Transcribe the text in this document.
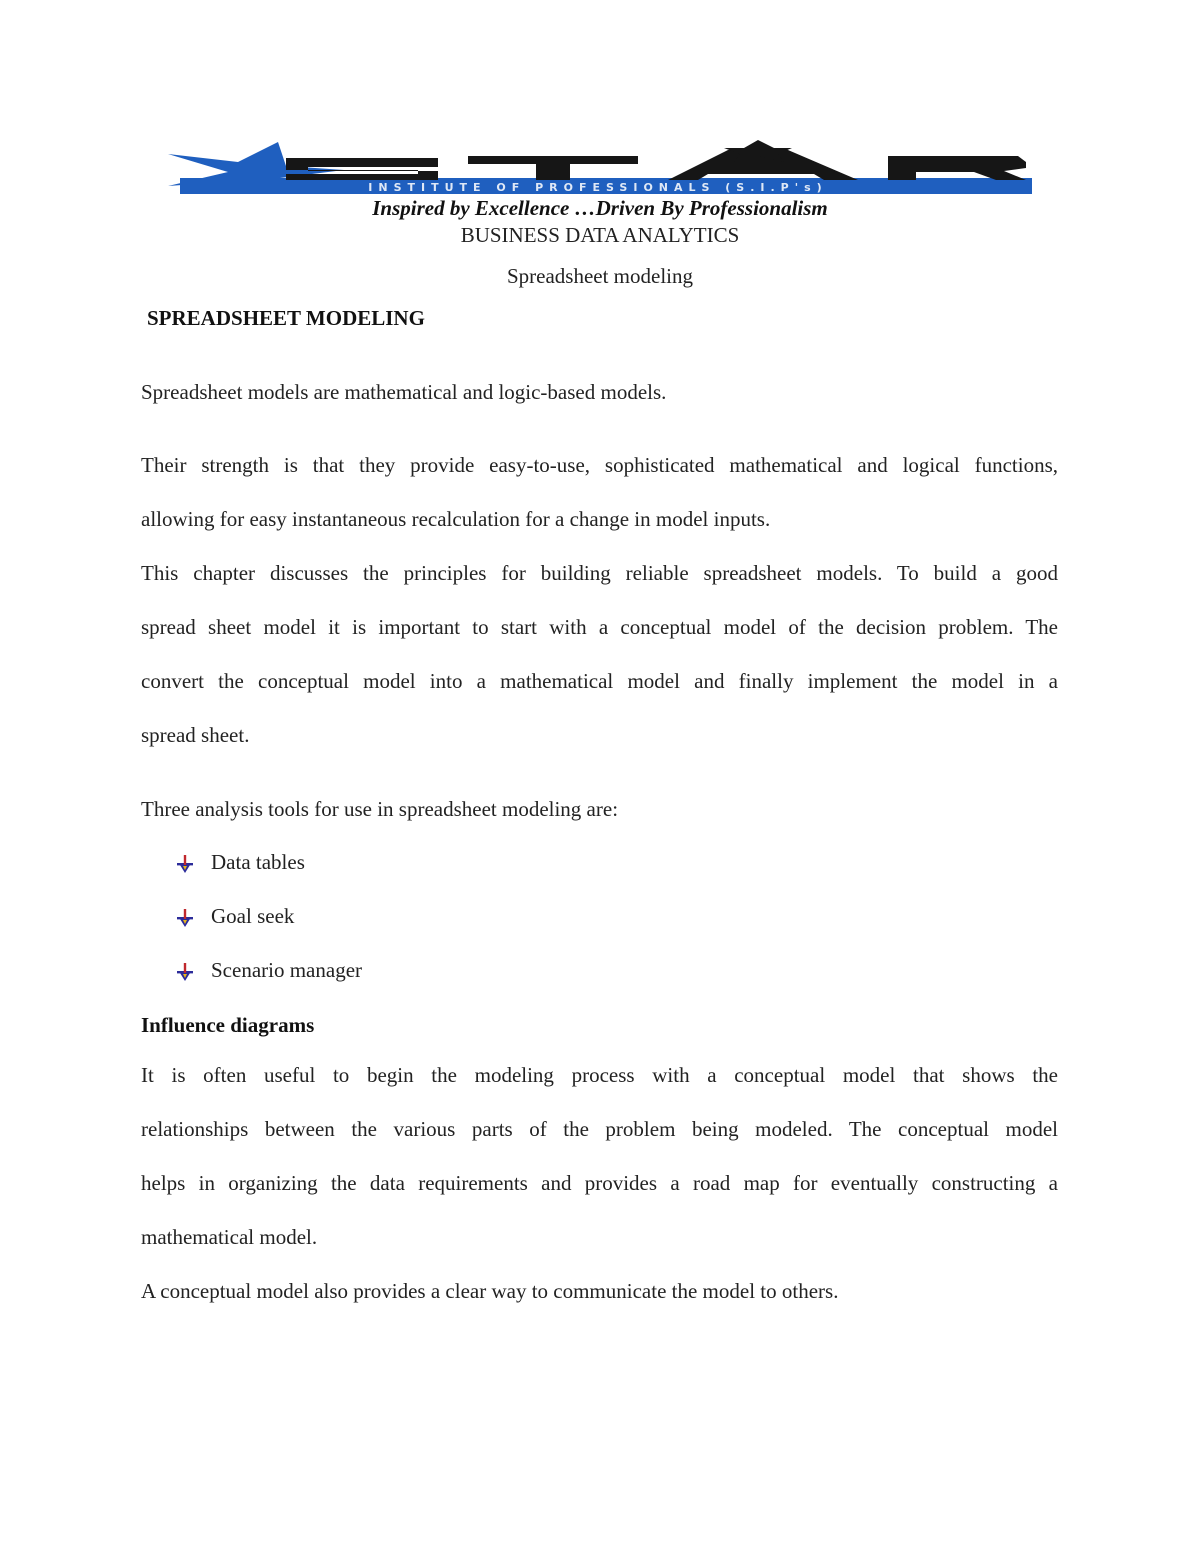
INSTITUTE OF PROFESSIONALS (S.I.P's)
Inspired by Excellence …Driven By Professionalism
BUSINESS DATA ANALYTICS
Spreadsheet modeling
SPREADSHEET MODELING
Spreadsheet models are mathematical and logic-based models.
Their strength is that they provide easy-to-use, sophisticated mathematical and logical functions,
allowing for easy instantaneous recalculation for a change in model inputs.
This chapter discusses the principles for building reliable spreadsheet models. To build a good
spread sheet model it is important to start with a conceptual model of the decision problem. The
convert the conceptual model into a mathematical model and finally implement the model in a
spread sheet.
Three analysis tools for use in spreadsheet modeling are:
Data tables
Goal seek
Scenario manager
Influence diagrams
It is often useful to begin the modeling process with a conceptual model that shows the
relationships between the various parts of the problem being modeled. The conceptual model
helps in organizing the data requirements and provides a road map for eventually constructing a
mathematical model.
A conceptual model also provides a clear way to communicate the model to others.
